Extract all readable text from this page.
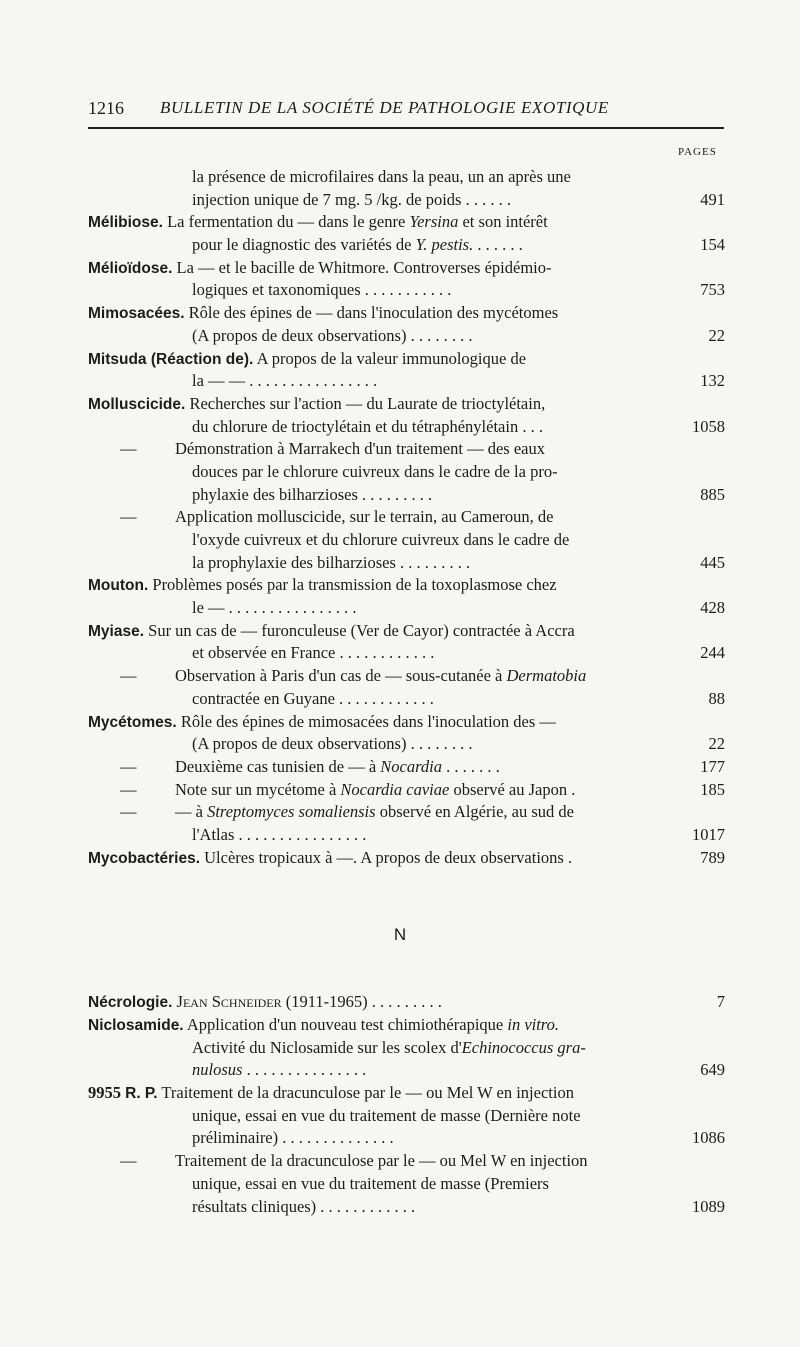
1216 BULLETIN DE LA SOCIÉTÉ DE PATHOLOGIE EXOTIQUE
PAGES
la présence de microfilaires dans la peau, un an après une
injection unique de 7 mg. 5 /kg. de poids . . . . . .	491
Mélibiose. La fermentation du — dans le genre Yersina et son intérêt
pour le diagnostic des variétés de Y. pestis. . . . . . .	154
Mélioïdose. La — et le bacille de Whitmore. Controverses épidémio-
logiques et taxonomiques . . . . . . . . . . .	753
Mimosacées. Rôle des épines de — dans l'inoculation des mycétomes
(A propos de deux observations) . . . . . . . .	22
Mitsuda (Réaction de). A propos de la valeur immunologique de
la — — . . . . . . . . . . . . . . . .	132
Molluscicide. Recherches sur l'action — du Laurate de trioctylétain,
du chlorure de trioctylétain et du tétraphénylétain . . .	1058
— Démonstration à Marrakech d'un traitement — des eaux
douces par le chlorure cuivreux dans le cadre de la pro-
phylaxie des bilharzioses . . . . . . . . .	885
— Application molluscicide, sur le terrain, au Cameroun, de
l'oxyde cuivreux et du chlorure cuivreux dans le cadre de
la prophylaxie des bilharzioses . . . . . . . . .	445
Mouton. Problèmes posés par la transmission de la toxoplasmose chez
le — . . . . . . . . . . . . . . . .	428
Myiase. Sur un cas de — furonculeuse (Ver de Cayor) contractée à Accra
et observée en France . . . . . . . . . . . .	244
— Observation à Paris d'un cas de — sous-cutanée à Dermatobia
contractée en Guyane . . . . . . . . . . . .	88
Mycétomes. Rôle des épines de mimosacées dans l'inoculation des —
(A propos de deux observations) . . . . . . . .	22
— Deuxième cas tunisien de — à Nocardia . . . . . . .	177
— Note sur un mycétome à Nocardia caviae observé au Japon .	185
— — à Streptomyces somaliensis observé en Algérie, au sud de
l'Atlas . . . . . . . . . . . . . . . .	1017
Mycobactéries. Ulcères tropicaux à —. A propos de deux observations .	789
N
Nécrologie. Jean Schneider (1911-1965) . . . . . . . . .	7
Niclosamide. Application d'un nouveau test chimiothérapique in vitro.
Activité du Niclosamide sur les scolex d'Echinococcus gra-
nulosus . . . . . . . . . . . . . . .	649
9955 R. P. Traitement de la dracunculose par le — ou Mel W en injection
unique, essai en vue du traitement de masse (Dernière note
préliminaire) . . . . . . . . . . . . . .	1086
— Traitement de la dracunculose par le — ou Mel W en injection
unique, essai en vue du traitement de masse (Premiers
résultats cliniques) . . . . . . . . . . . .	1089
